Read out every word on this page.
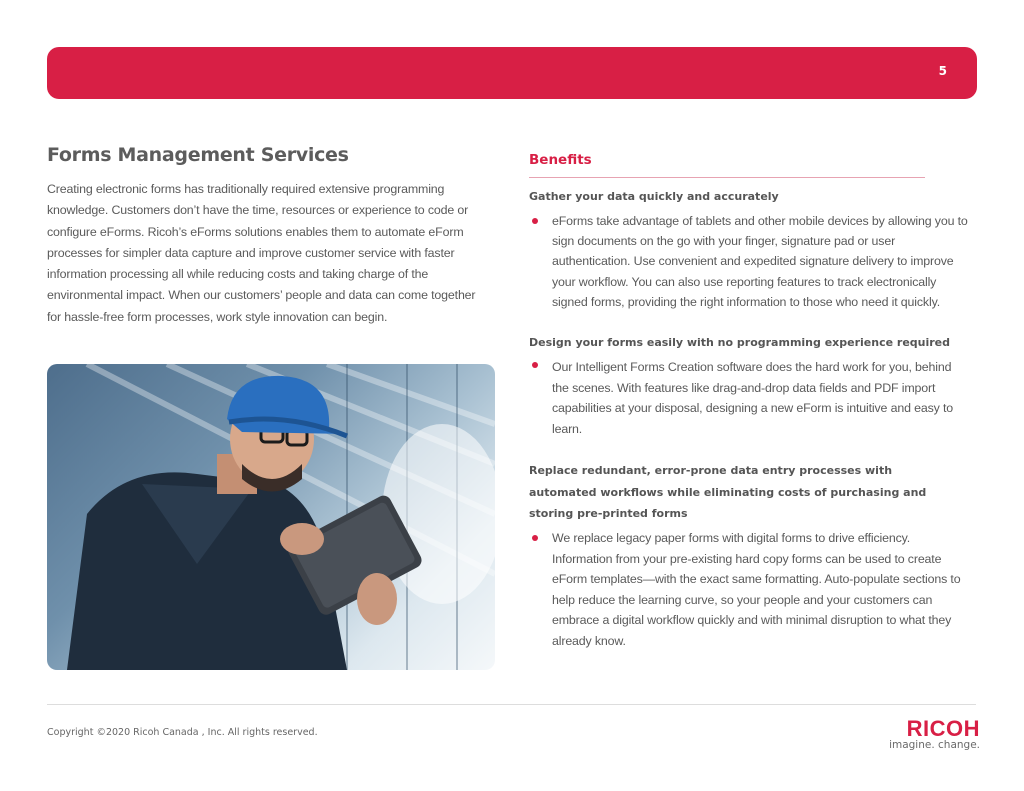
5
Forms Management Services

Creating electronic forms has traditionally required extensive programming knowledge. Customers don’t have the time, resources or experience to code or configure eForms. Ricoh’s eForms solutions enables them to automate eForm processes for simpler data capture and improve customer service with faster information processing all while reducing costs and taking charge of the environmental impact. When our customers’ people and data can come together for hassle-free form processes, work style innovation can begin.

Benefits

Gather your data quickly and accurately

eForms take advantage of tablets and other mobile devices by allowing you to sign documents on the go with your finger, signature pad or user authentication. Use convenient and expedited signature delivery to improve your workflow. You can also use reporting features to track electronically signed forms, providing the right information to those who need it quickly.

Design your forms easily with no programming experience required

Our Intelligent Forms Creation software does the hard work for you, behind the scenes. With features like drag-and-drop data fields and PDF import capabilities at your disposal, designing a new eForm is intuitive and easy to learn.

Replace redundant, error-prone data entry processes with automated workflows while eliminating costs of purchasing and storing pre-printed forms

We replace legacy paper forms with digital forms to drive efficiency. Information from your pre-existing hard copy forms can be used to create eForm templates—with the exact same formatting. Auto-populate sections to help reduce the learning curve, so your people and your customers can embrace a digital workflow quickly and with minimal disruption to what they already know.

Copyright ©2020 Ricoh Canada , Inc. All rights reserved.	RICOH
imagine. change.
